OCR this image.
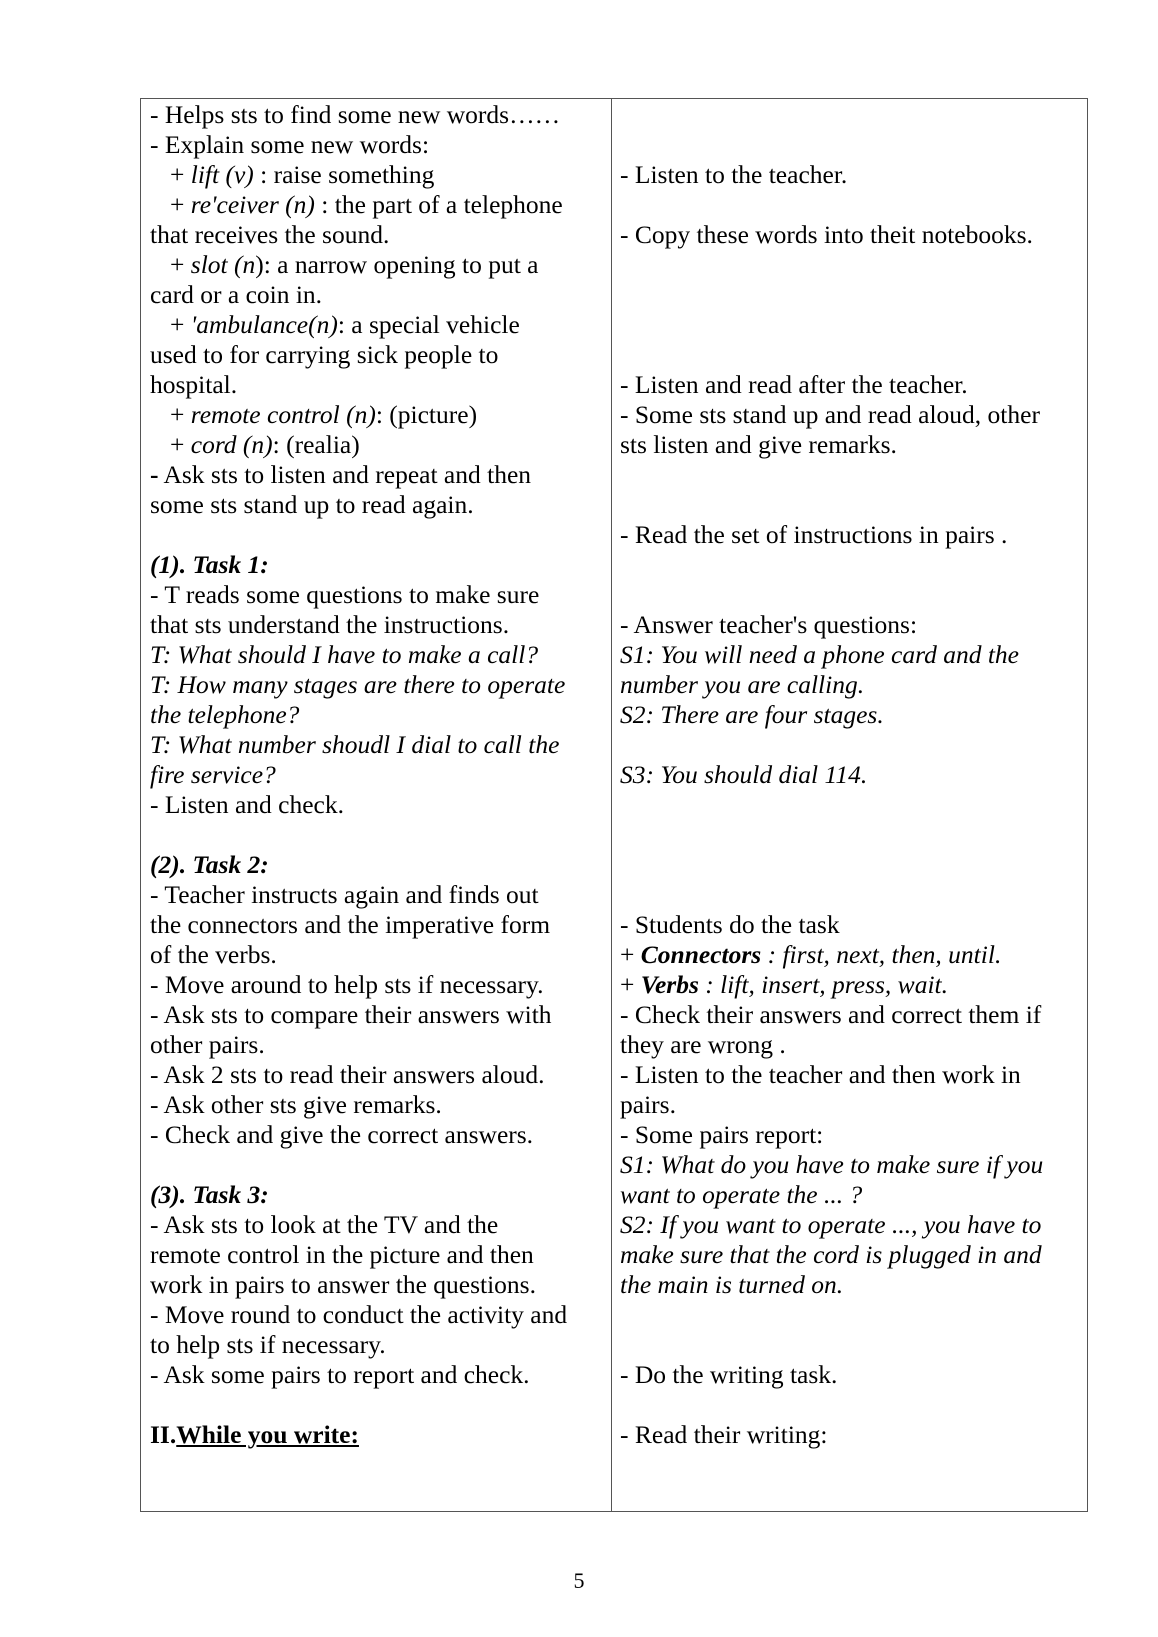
- Helps sts to find some new words……
- Explain some new words:
+ lift (v) : raise something
+ re'ceiver (n) : the part of a telephone
that receives the sound.
+ slot (n): a narrow opening to put a
card or a coin in.
+ 'ambulance(n): a special vehicle
used to for carrying sick people to
hospital.
+ remote control (n): (picture)
+ cord (n): (realia)
- Ask sts to listen and repeat and then
some sts stand up to read again.
(1). Task 1:
- T reads some questions to make sure
that sts understand the instructions.
T: What should I have to make a call?
T: How many stages are there to operate
the telephone?
T: What number shoudl I dial to call the
fire service?
- Listen and check.
(2). Task 2:
- Teacher instructs again and finds out
the connectors and the imperative form
of the verbs.
- Move around to help sts if necessary.
- Ask sts to compare their answers with
other pairs.
- Ask 2 sts to read their answers aloud.
- Ask other sts give remarks.
- Check and give the correct answers.
(3). Task 3:
- Ask sts to look at the TV and the
remote control in the picture and then
work in pairs to answer the questions.
- Move round to conduct the activity and
to help sts if necessary.
- Ask some pairs to report and check.
II.While you write:
- Listen to the teacher.
- Copy these words into theit notebooks.
- Listen and read after the teacher.
- Some sts stand up and read aloud, other
sts listen and give remarks.
- Read the set of instructions in pairs .
- Answer teacher's questions:
S1: You will need a phone card and the
number you are calling.
S2: There are four stages.
S3: You should dial 114.
- Students do the task
+ Connectors : first, next, then, until.
+ Verbs : lift, insert, press, wait.
- Check their answers and correct them if
they are wrong .
- Listen to the teacher and then work in
pairs.
- Some pairs report:
S1: What do you have to make sure if you
want to operate the ... ?
S2: If you want to operate ..., you have to
make sure that the cord is plugged in and
the main is turned on.
- Do the writing task.
- Read their writing:
5
